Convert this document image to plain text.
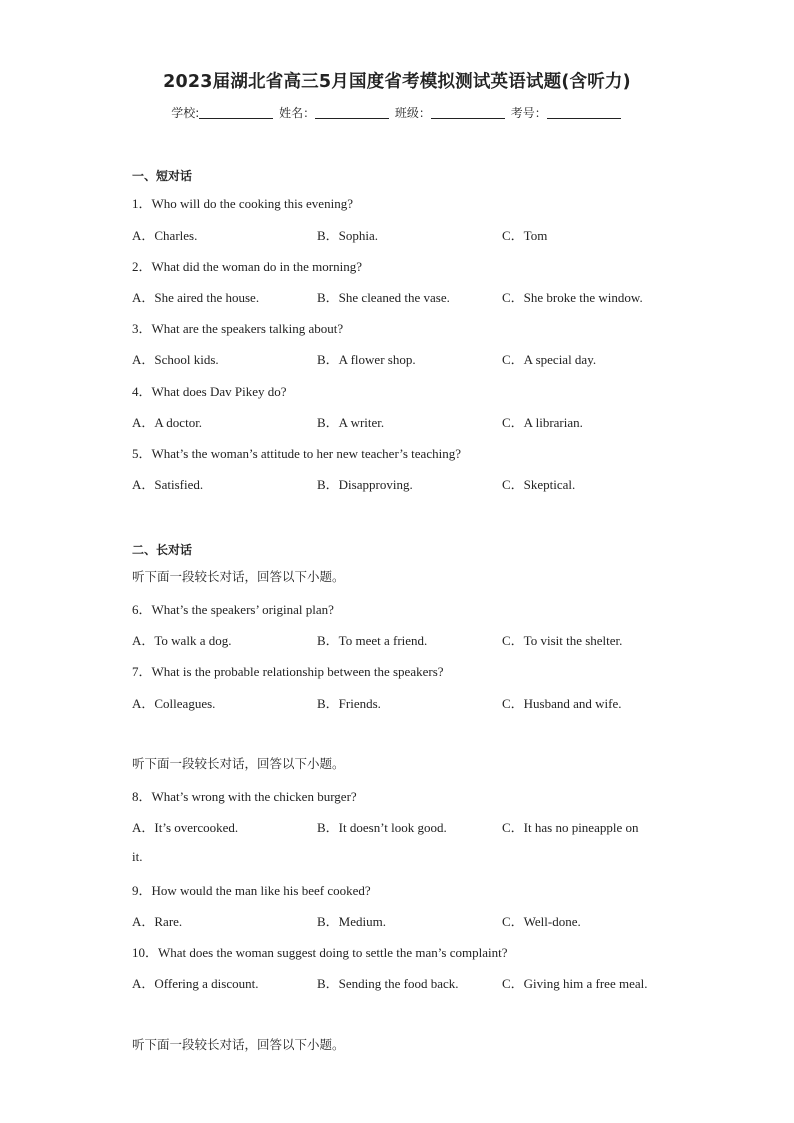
2023届湖北省高三5月国度省考模拟测试英语试题(含听力)
学校:	姓名：	班级：	考号：
一、短对话
1．Who will do the cooking this evening?
A．Charles.	B．Sophia.	C．Tom
2．What did the woman do in the morning?
A．She aired the house.	B．She cleaned the vase.	C．She broke the window.
3．What are the speakers talking about?
A．School kids.	B．A flower shop.	C．A special day.
4．What does Dav Pikey do?
A．A doctor.	B．A writer.	C．A librarian.
5．What’s the woman’s attitude to her new teacher’s teaching?
A．Satisfied.	B．Disapproving.	C．Skeptical.
二、长对话
听下面一段较长对话，回答以下小题。
6．What’s the speakers’ original plan?
A．To walk a dog.	B．To meet a friend.	C．To visit the shelter.
7．What is the probable relationship between the speakers?
A．Colleagues.	B．Friends.	C．Husband and wife.
听下面一段较长对话，回答以下小题。
8．What’s wrong with the chicken burger?
A．It’s overcooked.	B．It doesn’t look good.	C．It has no pineapple on
it.
9．How would the man like his beef cooked?
A．Rare.	B．Medium.	C．Well-done.
10．What does the woman suggest doing to settle the man’s complaint?
A．Offering a discount.	B．Sending the food back.	C．Giving him a free meal.
听下面一段较长对话，回答以下小题。
